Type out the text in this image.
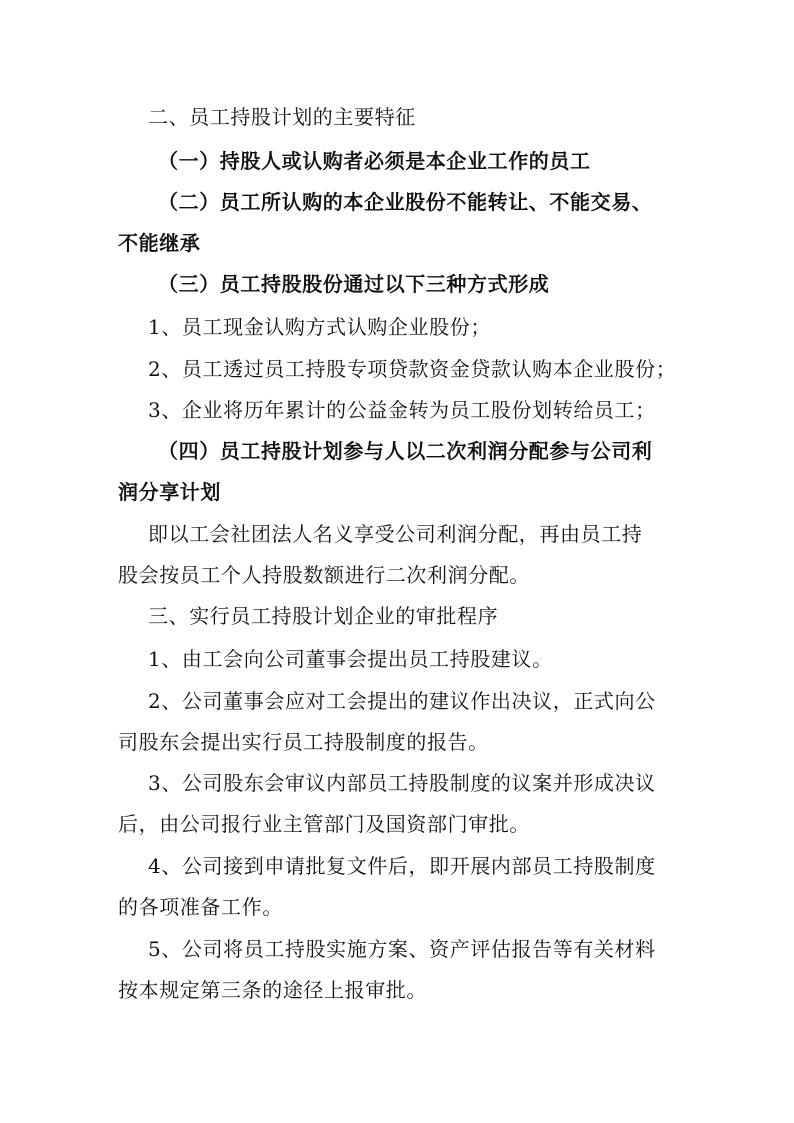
二、员工持股计划的主要特征
（一）持股人或认购者必须是本企业工作的员工
（二）员工所认购的本企业股份不能转让、不能交易、
不能继承
（三）员工持股股份通过以下三种方式形成
1、员工现金认购方式认购企业股份；
2、员工透过员工持股专项贷款资金贷款认购本企业股份；
3、企业将历年累计的公益金转为员工股份划转给员工；
（四）员工持股计划参与人以二次利润分配参与公司利
润分享计划
即以工会社团法人名义享受公司利润分配，再由员工持
股会按员工个人持股数额进行二次利润分配。
三、实行员工持股计划企业的审批程序
1、由工会向公司董事会提出员工持股建议。
2、公司董事会应对工会提出的建议作出决议，正式向公
司股东会提出实行员工持股制度的报告。
3、公司股东会审议内部员工持股制度的议案并形成决议
后，由公司报行业主管部门及国资部门审批。
4、公司接到申请批复文件后，即开展内部员工持股制度
的各项准备工作。
5、公司将员工持股实施方案、资产评估报告等有关材料
按本规定第三条的途径上报审批。
